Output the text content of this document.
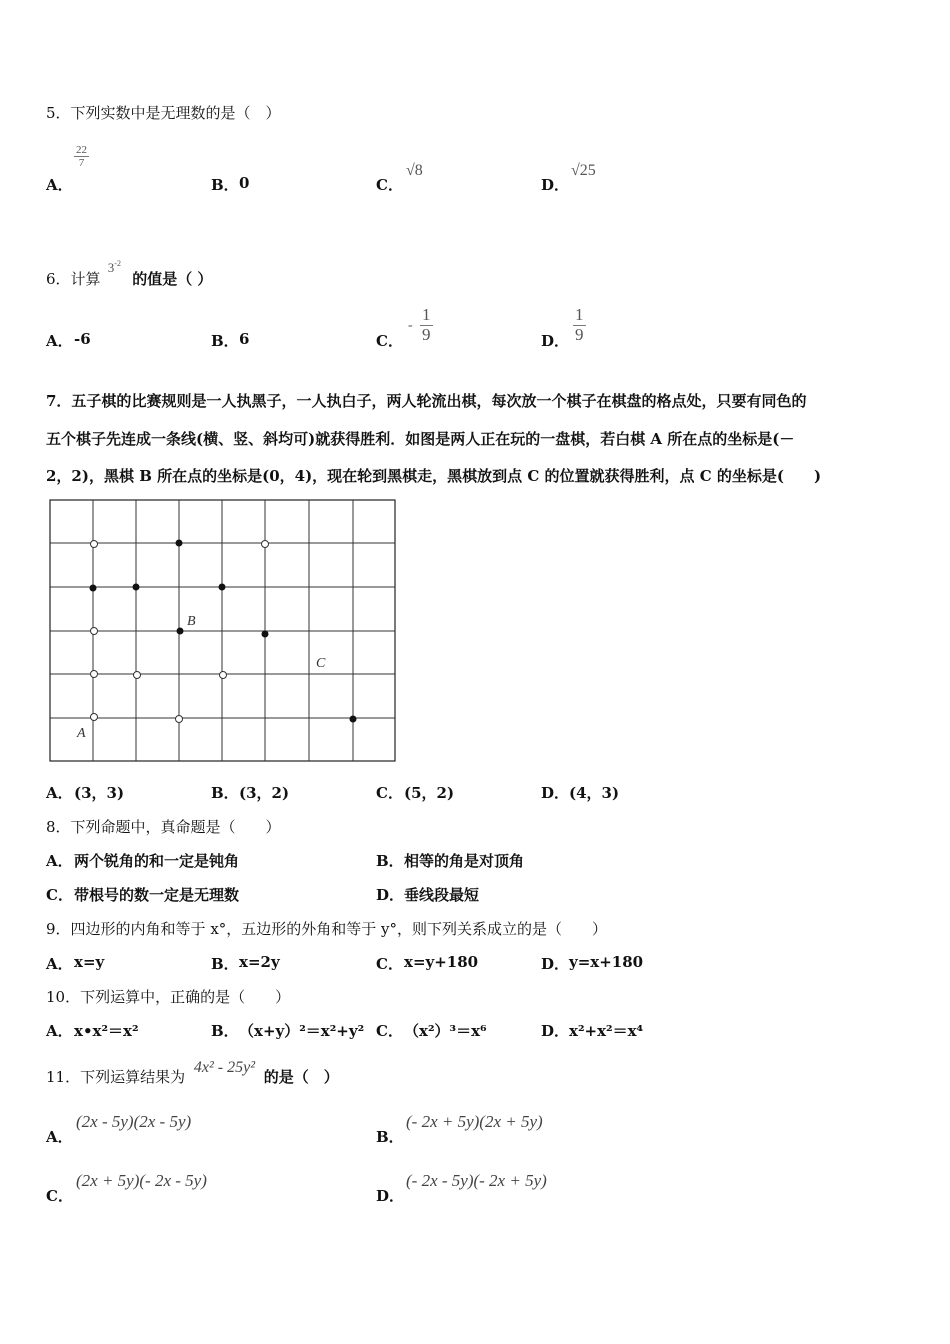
5．下列实数中是无理数的是（　）
A．
$\frac{22}{7}$
B． 0	C．
√8
D．
√25
6．计算 $3^{-2}$ 的值是（ ）
A． -6	B． 6	C．
- $\frac{1}{9}$	D． $\frac{1}{9}$
7．五子棋的比赛规则是一人执黑子，一人执白子，两人轮流出棋，每次放一个棋子在棋盘的格点处，只要有同色的
五个棋子先连成一条线(横、竖、斜均可)就获得胜利．如图是两人正在玩的一盘棋，若白棋 A 所在点的坐标是(－
2，2)，黑棋 B 所在点的坐标是(0，4)，现在轮到黑棋走，黑棋放到点 C 的位置就获得胜利，点 C 的坐标是(　　)
B
C
A
A． (3，3)	B． (3，2)	C． (5，2)	D． (4，3)
8．下列命题中，真命题是（　　）
A． 两个锐角的和一定是钝角	B． 相等的角是对顶角
C． 带根号的数一定是无理数	D． 垂线段最短
9．四边形的内角和等于 x°，五边形的外角和等于 y°，则下列关系成立的是（　　）
A． x=y	B． x=2y	C． x=y+180	D． y=x+180
10．下列运算中，正确的是（　　）
A． x•x²＝x²	B． （x+y）²＝x²+y² C． （x²）³＝x⁶	D． x²+x²＝x⁴
11．下列运算结果为 4x² - 25y² 的是（　）
A．
(2x - 5y)(2x - 5y)
B．
(- 2x + 5y)(2x + 5y)
C．
(2x + 5y)(- 2x - 5y)
D．
(- 2x - 5y)(- 2x + 5y)
